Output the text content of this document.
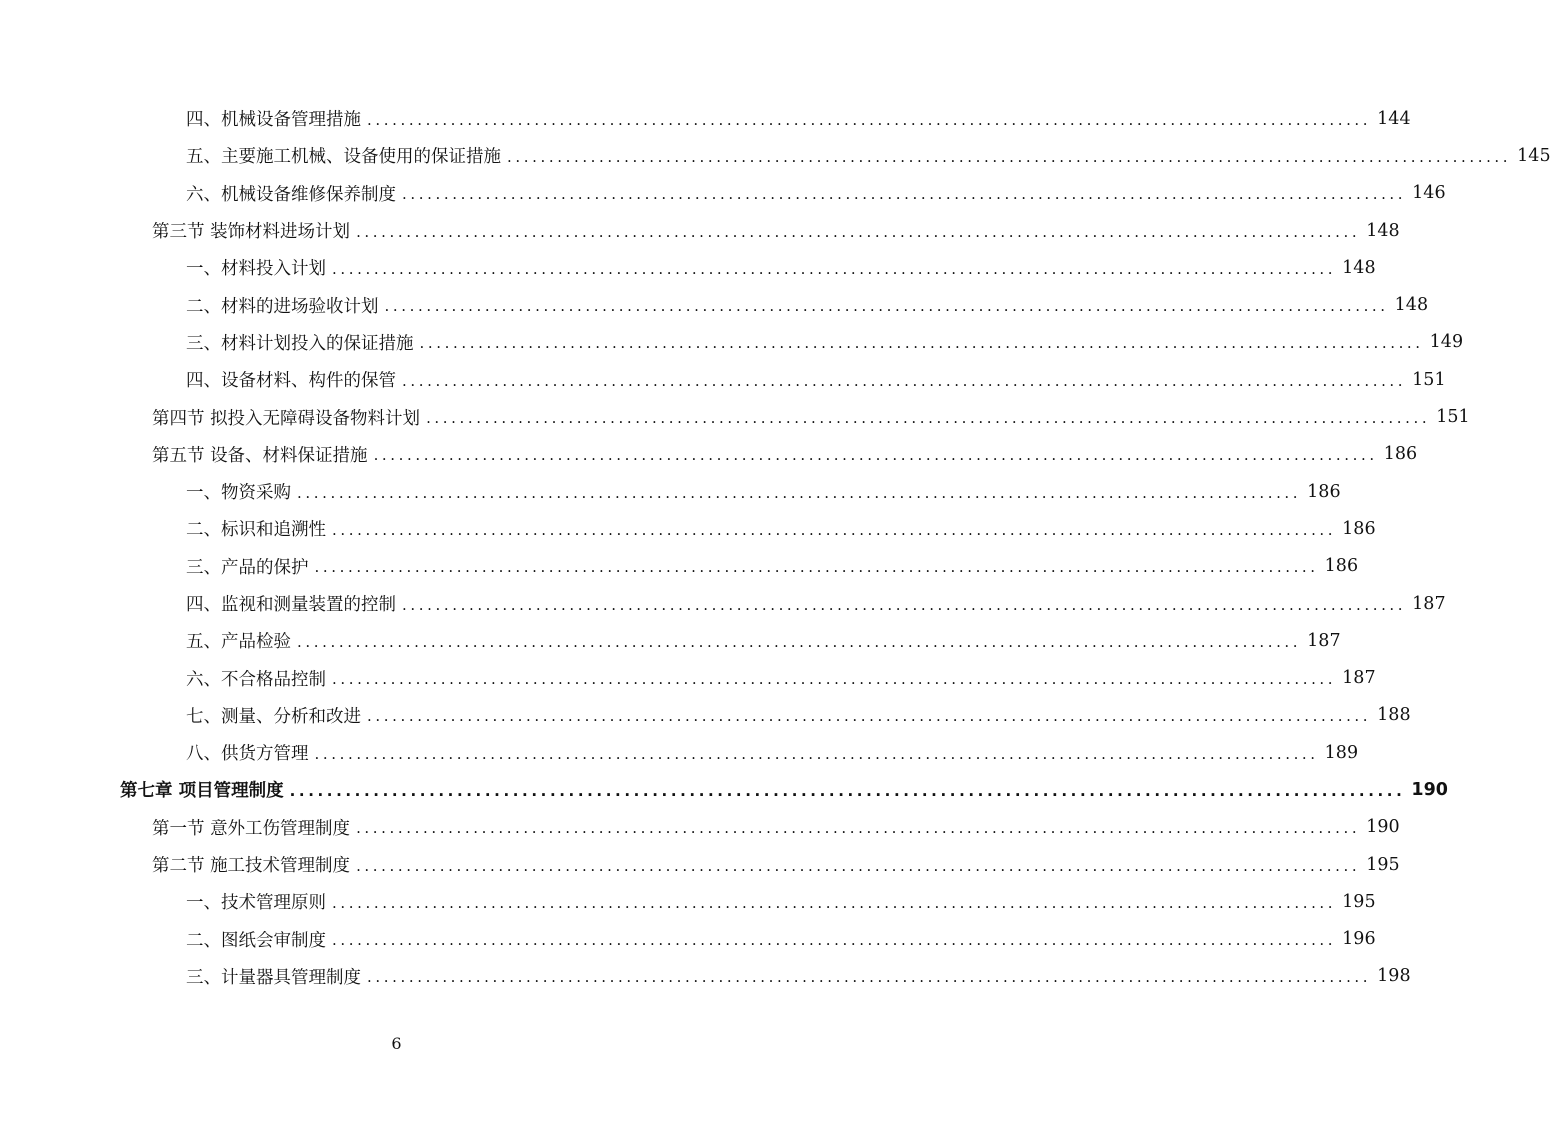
四、机械设备管理措施 ........................................................................................................................ 144
五、主要施工机械、设备使用的保证措施 ........................................................................................................................ 145
六、机械设备维修保养制度 ........................................................................................................................ 146
第三节 装饰材料进场计划 ........................................................................................................................ 148
一、材料投入计划 ........................................................................................................................ 148
二、材料的进场验收计划 ........................................................................................................................ 148
三、材料计划投入的保证措施 ........................................................................................................................ 149
四、设备材料、构件的保管 ........................................................................................................................ 151
第四节 拟投入无障碍设备物料计划 ........................................................................................................................ 151
第五节 设备、材料保证措施 ........................................................................................................................ 186
一、物资采购 ........................................................................................................................ 186
二、标识和追溯性 ........................................................................................................................ 186
三、产品的保护 ........................................................................................................................ 186
四、监视和测量装置的控制 ........................................................................................................................ 187
五、产品检验 ........................................................................................................................ 187
六、不合格品控制 ........................................................................................................................ 187
七、测量、分析和改进 ........................................................................................................................ 188
八、供货方管理 ........................................................................................................................ 189
第七章 项目管理制度 ........................................................................................................................ 190
第一节 意外工伤管理制度 ........................................................................................................................ 190
第二节 施工技术管理制度 ........................................................................................................................ 195
一、技术管理原则 ........................................................................................................................ 195
二、图纸会审制度 ........................................................................................................................ 196
三、计量器具管理制度 ........................................................................................................................ 198
6
